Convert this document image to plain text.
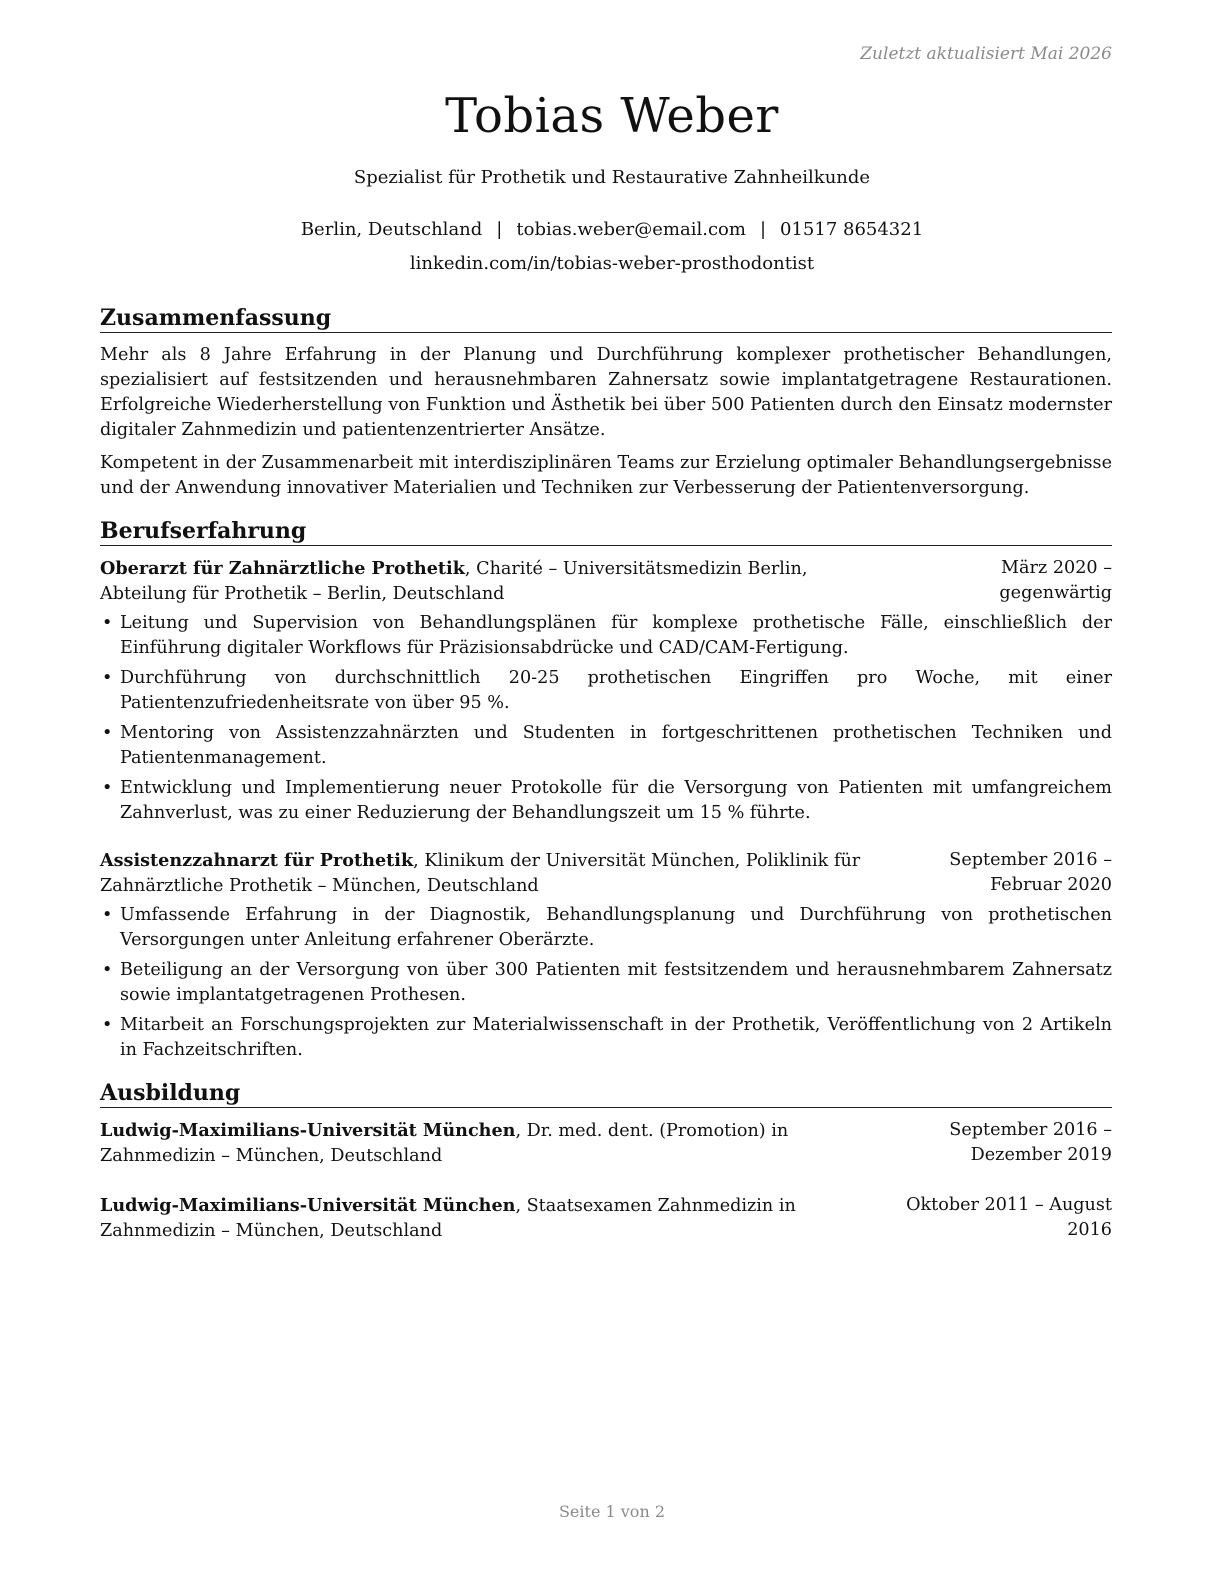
Zuletzt aktualisiert Mai 2026
Tobias Weber
Spezialist für Prothetik und Restaurative Zahnheilkunde
Berlin, Deutschland | tobias.weber@email.com | 01517 8654321
linkedin.com/in/tobias-weber-prosthodontist
Zusammenfassung

Mehr als 8 Jahre Erfahrung in der Planung und Durchführung komplexer prothetischer Behandlungen, spezialisiert auf festsitzenden und herausnehmbaren Zahnersatz sowie implantatgetragene Restaurationen. Erfolgreiche Wiederherstellung von Funktion und Ästhetik bei über 500 Patienten durch den Einsatz modernster digitaler Zahnmedizin und patientenzentrierter Ansätze.

Kompetent in der Zusammenarbeit mit interdisziplinären Teams zur Erzielung optimaler Behandlungsergebnisse und der Anwendung innovativer Materialien und Techniken zur Verbesserung der Patientenversorgung.

Berufserfahrung
Oberarzt für Zahnärztliche Prothetik, Charité – Universitätsmedizin Berlin, Abteilung für Prothetik – Berlin, Deutschland
März 2020 – gegenwärtig
• Leitung und Supervision von Behandlungsplänen für komplexe prothetische Fälle, einschließlich der Einführung digitaler Workflows für Präzisionsabdrücke und CAD/CAM-Fertigung.
• Durchführung von durchschnittlich 20-25 prothetischen Eingriffen pro Woche, mit einer Patientenzufriedenheitsrate von über 95 %.
• Mentoring von Assistenzzahnärzten und Studenten in fortgeschrittenen prothetischen Techniken und Patientenmanagement.
• Entwicklung und Implementierung neuer Protokolle für die Versorgung von Patienten mit umfangreichem Zahnverlust, was zu einer Reduzierung der Behandlungszeit um 15 % führte.
Assistenzzahnarzt für Prothetik, Klinikum der Universität München, Poliklinik für Zahnärztliche Prothetik – München, Deutschland
September 2016 – Februar 2020
• Umfassende Erfahrung in der Diagnostik, Behandlungsplanung und Durchführung von prothetischen Versorgungen unter Anleitung erfahrener Oberärzte.
• Beteiligung an der Versorgung von über 300 Patienten mit festsitzendem und herausnehmbarem Zahnersatz sowie implantatgetragenen Prothesen.
• Mitarbeit an Forschungsprojekten zur Materialwissenschaft in der Prothetik, Veröffentlichung von 2 Artikeln in Fachzeitschriften.
Ausbildung
Ludwig-Maximilians-Universität München, Dr. med. dent. (Promotion) in Zahnmedizin – München, Deutschland
September 2016 – Dezember 2019
Ludwig-Maximilians-Universität München, Staatsexamen Zahnmedizin in Zahnmedizin – München, Deutschland
Oktober 2011 – August 2016
Seite 1 von 2
